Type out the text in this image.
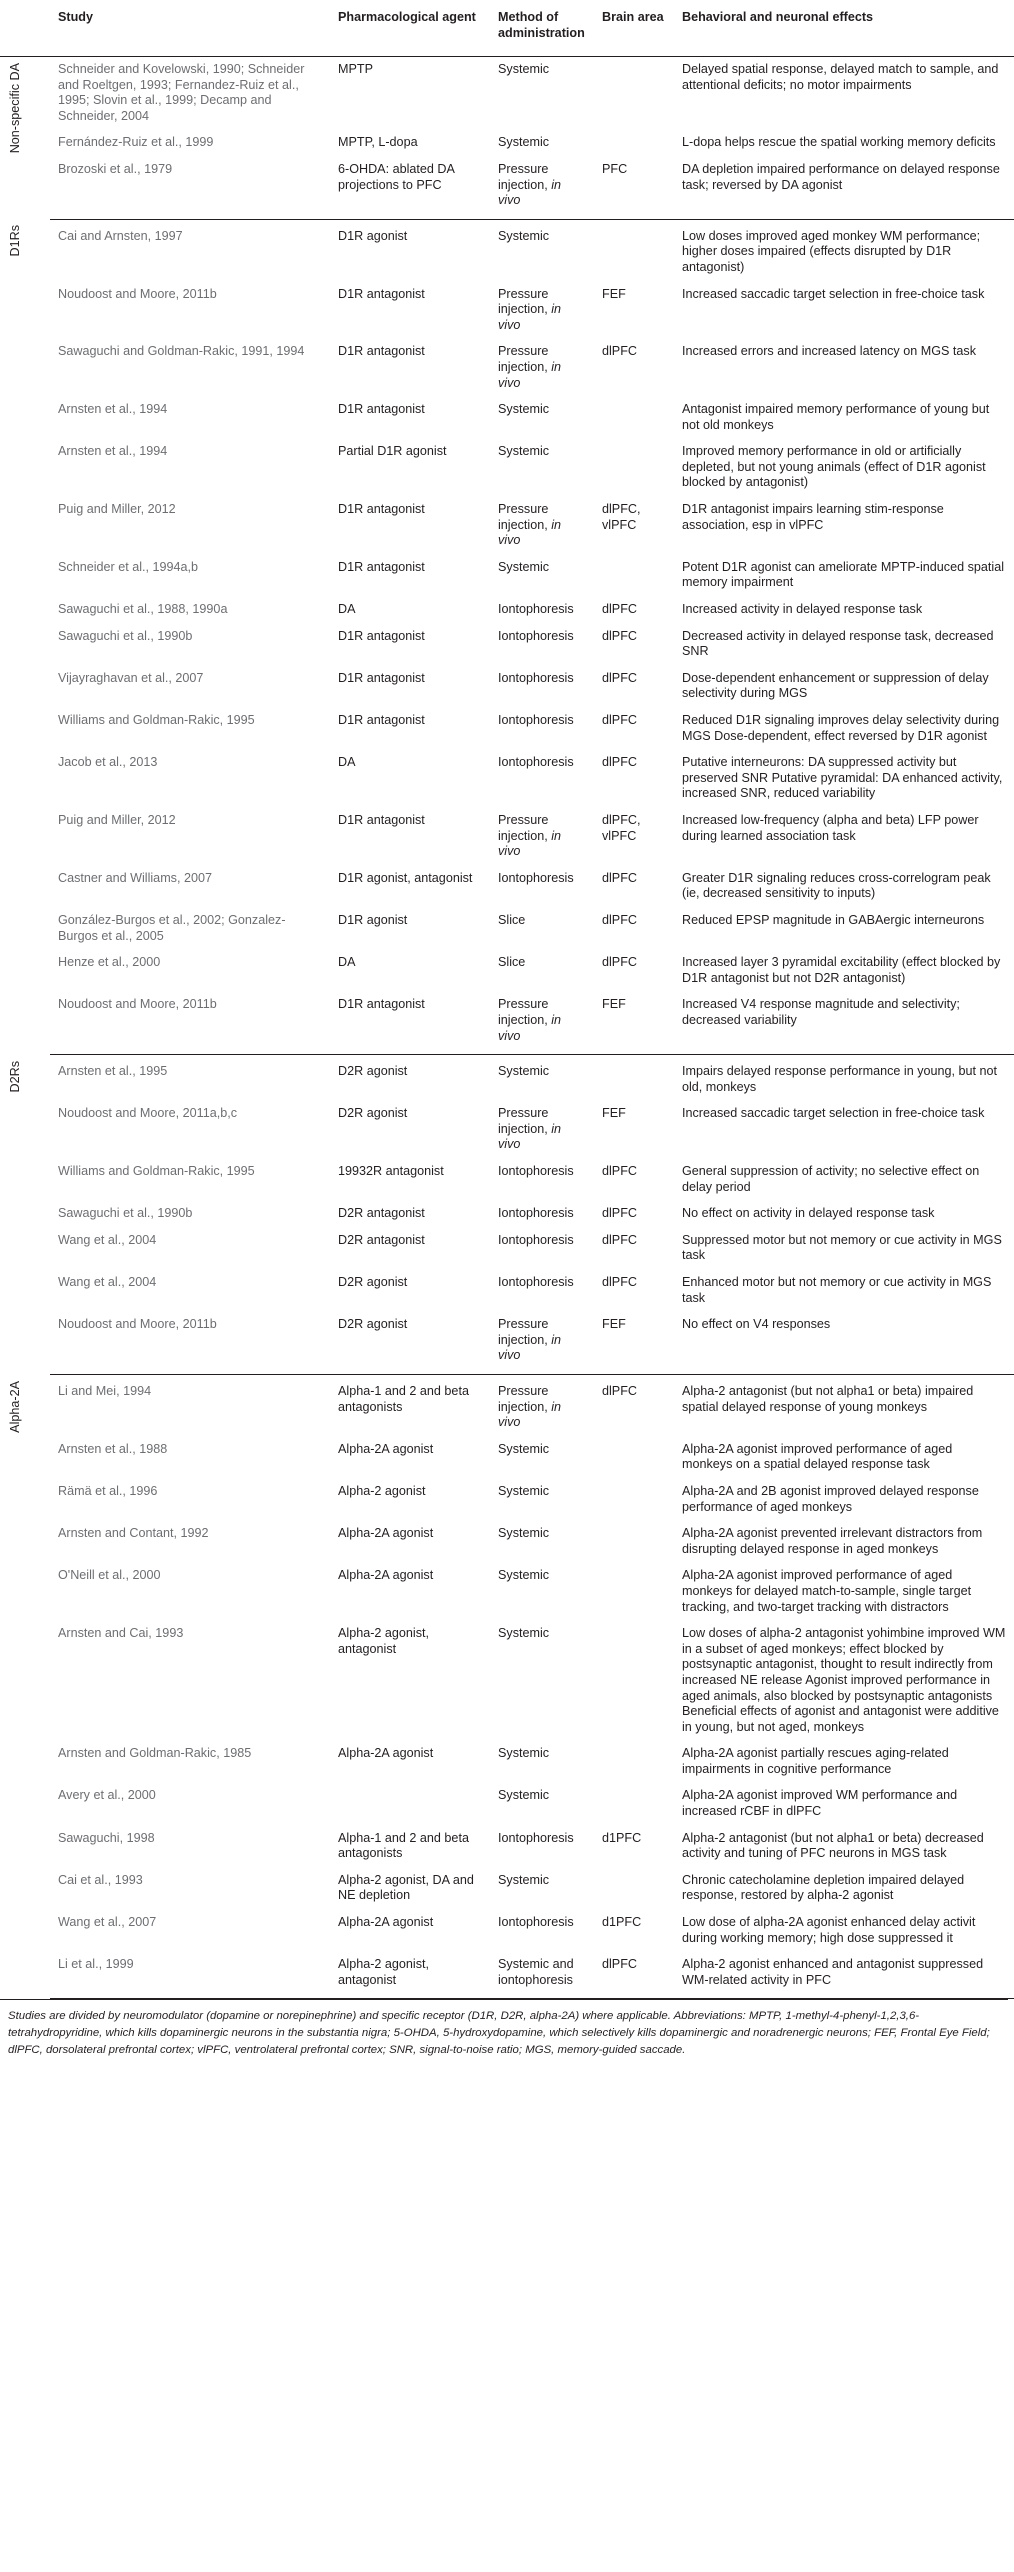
	Study	Pharmacological agent	Method of administration	Brain area	Behavioral and neuronal effects

Non-specific DA	Schneider and Kovelowski, 1990; Schneider and Roeltgen, 1993; Fernandez-Ruiz et al., 1995; Slovin et al., 1999; Decamp and Schneider, 2004	MPTP	Systemic		Delayed spatial response, delayed match to sample, and attentional deficits; no motor impairments
	Fernández-Ruiz et al., 1999	MPTP, L-dopa	Systemic		L-dopa helps rescue the spatial working memory deficits
	Brozoski et al., 1979	6-OHDA: ablated DA projections to PFC	Pressure injection, in vivo	PFC	DA depletion impaired performance on delayed response task; reversed by DA agonist

D1Rs	Cai and Arnsten, 1997	D1R agonist	Systemic		Low doses improved aged monkey WM performance; higher doses impaired (effects disrupted by D1R antagonist)
	Noudoost and Moore, 2011b	D1R antagonist	Pressure injection, in vivo	FEF	Increased saccadic target selection in free-choice task
	Sawaguchi and Goldman-Rakic, 1991, 1994	D1R antagonist	Pressure injection, in vivo	dlPFC	Increased errors and increased latency on MGS task
	Arnsten et al., 1994	D1R antagonist	Systemic		Antagonist impaired memory performance of young but not old monkeys
	Arnsten et al., 1994	Partial D1R agonist	Systemic		Improved memory performance in old or artificially depleted, but not young animals (effect of D1R agonist blocked by antagonist)
	Puig and Miller, 2012	D1R antagonist	Pressure injection, in vivo	dlPFC, vlPFC	D1R antagonist impairs learning stim-response association, esp in vlPFC
	Schneider et al., 1994a,b	D1R antagonist	Systemic		Potent D1R agonist can ameliorate MPTP-induced spatial memory impairment
	Sawaguchi et al., 1988, 1990a	DA	Iontophoresis	dlPFC	Increased activity in delayed response task
	Sawaguchi et al., 1990b	D1R antagonist	Iontophoresis	dlPFC	Decreased activity in delayed response task, decreased SNR
	Vijayraghavan et al., 2007	D1R antagonist	Iontophoresis	dlPFC	Dose-dependent enhancement or suppression of delay selectivity during MGS
	Williams and Goldman-Rakic, 1995	D1R antagonist	Iontophoresis	dlPFC	Reduced D1R signaling improves delay selectivity during MGS Dose-dependent, effect reversed by D1R agonist
	Jacob et al., 2013	DA	Iontophoresis	dlPFC	Putative interneurons: DA suppressed activity but preserved SNR Putative pyramidal: DA enhanced activity, increased SNR, reduced variability
	Puig and Miller, 2012	D1R antagonist	Pressure injection, in vivo	dlPFC, vlPFC	Increased low-frequency (alpha and beta) LFP power during learned association task
	Castner and Williams, 2007	D1R agonist, antagonist	Iontophoresis	dlPFC	Greater D1R signaling reduces cross-correlogram peak (ie, decreased sensitivity to inputs)
	González-Burgos et al., 2002; Gonzalez-Burgos et al., 2005	D1R agonist	Slice	dlPFC	Reduced EPSP magnitude in GABAergic interneurons
	Henze et al., 2000	DA	Slice	dlPFC	Increased layer 3 pyramidal excitability (effect blocked by D1R antagonist but not D2R antagonist)
	Noudoost and Moore, 2011b	D1R antagonist	Pressure injection, in vivo	FEF	Increased V4 response magnitude and selectivity; decreased variability

D2Rs	Arnsten et al., 1995	D2R agonist	Systemic		Impairs delayed response performance in young, but not old, monkeys
	Noudoost and Moore, 2011a,b,c	D2R agonist	Pressure injection, in vivo	FEF	Increased saccadic target selection in free-choice task
	Williams and Goldman-Rakic, 1995	19932R antagonist	Iontophoresis	dlPFC	General suppression of activity; no selective effect on delay period
	Sawaguchi et al., 1990b	D2R antagonist	Iontophoresis	dlPFC	No effect on activity in delayed response task
	Wang et al., 2004	D2R antagonist	Iontophoresis	dlPFC	Suppressed motor but not memory or cue activity in MGS task
	Wang et al., 2004	D2R agonist	Iontophoresis	dlPFC	Enhanced motor but not memory or cue activity in MGS task
	Noudoost and Moore, 2011b	D2R agonist	Pressure injection, in vivo	FEF	No effect on V4 responses

Alpha-2A	Li and Mei, 1994	Alpha-1 and 2 and beta antagonists	Pressure injection, in vivo	dlPFC	Alpha-2 antagonist (but not alpha1 or beta) impaired spatial delayed response of young monkeys
	Arnsten et al., 1988	Alpha-2A agonist	Systemic		Alpha-2A agonist improved performance of aged monkeys on a spatial delayed response task
	Rämä et al., 1996	Alpha-2 agonist	Systemic		Alpha-2A and 2B agonist improved delayed response performance of aged monkeys
	Arnsten and Contant, 1992	Alpha-2A agonist	Systemic		Alpha-2A agonist prevented irrelevant distractors from disrupting delayed response in aged monkeys
	O'Neill et al., 2000	Alpha-2A agonist	Systemic		Alpha-2A agonist improved performance of aged monkeys for delayed match-to-sample, single target tracking, and two-target tracking with distractors
	Arnsten and Cai, 1993	Alpha-2 agonist, antagonist	Systemic		Low doses of alpha-2 antagonist yohimbine improved WM in a subset of aged monkeys; effect blocked by postsynaptic antagonist, thought to result indirectly from increased NE release Agonist improved performance in aged animals, also blocked by postsynaptic antagonists Beneficial effects of agonist and antagonist were additive in young, but not aged, monkeys
	Arnsten and Goldman-Rakic, 1985	Alpha-2A agonist	Systemic		Alpha-2A agonist partially rescues aging-related impairments in cognitive performance
	Avery et al., 2000		Systemic		Alpha-2A agonist improved WM performance and increased rCBF in dlPFC
	Sawaguchi, 1998	Alpha-1 and 2 and beta antagonists	Iontophoresis	d1PFC	Alpha-2 antagonist (but not alpha1 or beta) decreased activity and tuning of PFC neurons in MGS task
	Cai et al., 1993	Alpha-2 agonist, DA and NE depletion	Systemic		Chronic catecholamine depletion impaired delayed response, restored by alpha-2 agonist
	Wang et al., 2007	Alpha-2A agonist	Iontophoresis	d1PFC	Low dose of alpha-2A agonist enhanced delay activit during working memory; high dose suppressed it
	Li et al., 1999	Alpha-2 agonist, antagonist	Systemic and iontophoresis	dlPFC	Alpha-2 agonist enhanced and antagonist suppressed WM-related activity in PFC
Studies are divided by neuromodulator (dopamine or norepinephrine) and specific receptor (D1R, D2R, alpha-2A) where applicable. Abbreviations: MPTP, 1-methyl-4-phenyl-1,2,3,6-tetrahydropyridine, which kills dopaminergic neurons in the substantia nigra; 5-OHDA, 5-hydroxydopamine, which selectively kills dopaminergic and noradrenergic neurons; FEF, Frontal Eye Field; dlPFC, dorsolateral prefrontal cortex; vlPFC, ventrolateral prefrontal cortex; SNR, signal-to-noise ratio; MGS, memory-guided saccade.
